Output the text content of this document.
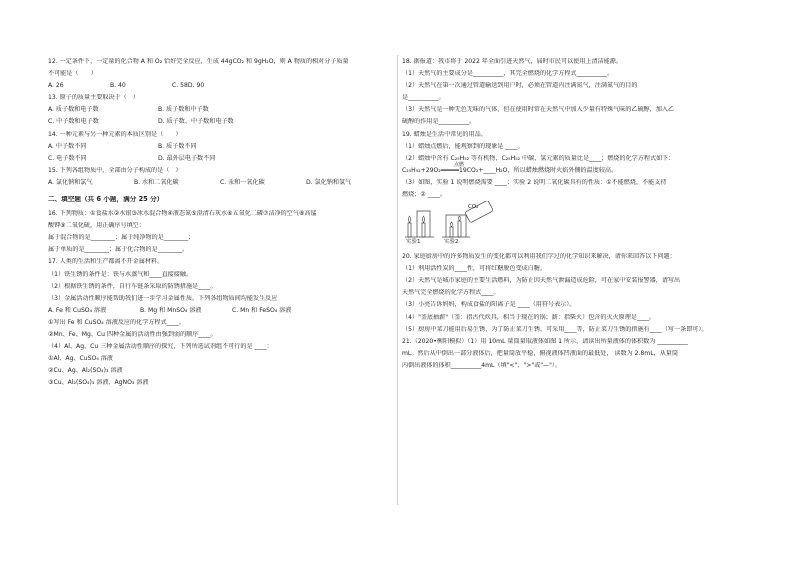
12. 一定条件下，一定量的化合物 A 和 O₂ 恰好完全反应，生成 44gCO₂ 和 9gH₂O，则 A 物质的相对分子质量
不可能是（　　）
A. 26	B. 40	C. 58D. 90
13. 原子的质量主要取决于（　）
A. 质子数和电子数	B. 质子数和中子数
C. 中子数和电子数	D. 质子数、中子数和电子数
14. 一种元素与另一种元素的本质区别是（　　）
A. 中子数不同	B. 质子数不同
C. 电子数不同	D. 最外层电子数不同
15. 下列各组物质中，全部由分子构成的是（　）
A. 氯化钠和氯气	B. 水和二氧化碳	C. 汞和一氧化碳	D. 氯化钠和氢气
二、填空题（共 6 小题，满分 25 分）
16. 下列物质：①食盐水②水银③冰水混合物④液态氮⑤澄清石灰水⑥五氧化二磷⑦洁净的空气⑧高锰
酸钾⑨二氧化硫，用正确序号填空：
属于混合物的是________；属于纯净物的是________；
属于单质的是________；属于化合物的是________。
17. 人类的生活和生产都离不开金属材料。
（1）铁生锈的条件是：铁与水蒸气和____直接接触。
（2）根据铁生锈的条件，自行车链条采取的防锈措施是____。
（3）金属活动性顺序能帮助我们进一步学习金属性质。下列各组物质间均能发生反应
A. Fe 和 CuSO₄ 溶液	B. Mg 和 MnSO₄ 溶液	C. Mn 和 FeSO₄ 溶液
①写出 Fe 和 CuSO₄ 溶液反应的化学方程式____。
②Mn、Fe、Mg、Cu 四种金属的活动性由强到弱的顺序____。
（4）Al、Ag、Cu 三种金属活动性顺序的探究，下列所选试剂组不可行的是 ____：
①Al、Ag、CuSO₄ 溶液
②Cu、Ag、Al₂(SO₄)₃ 溶液
③Cu、Al₂(SO₄)₃ 溶液、AgNO₃ 溶液
18. 据报道：我市将于 2022 年全面引进天然气，届时市民可以使用上清洁能源。
（1）天然气的主要成分是__________，其完全燃烧的化学方程式__________。
（2）天然气在第一次通过管道输送到用户时，必须在管道内注满氮气，注满氮气的目的
是__________。
（3）天然气是一种无色无味的气体，但在使用时常在天然气中加入少量有特殊气味的乙硫醇，加入乙
硫醇的作用是__________。
19. 蜡烛是生活中常见的用品。
（1）蜡烛点燃后，能观察到的现象是 ____。
（2）蜡烛中含有 C₂₅H₅₂ 等有机物，C₂₅H₅₂ 中碳、氢元素的质量比是____；燃烧的化学方程式如下：
C₂₅H₅₂+29O₂═════19CO₂+____H₂O，所以蜡烛燃烧时火焰外侧的温度较高。
点燃
（3）如图，实验 1 说明燃烧需要 ____；实验 2 说明二氧化碳具有的性质：①不能燃烧，不能支持
燃烧；② ____。
CO₂
实验1	实验2
20. 家庭厨房中的许多物质发生的变化都可以利用我们学过的化学知识来解决，请你来回答以下问题：
（1）利用活性炭的____性，可将红糖脱色变成白糖。
（2）天然气是城市家庭的主要生活燃料，为防止因天然气泄漏造成危险，可在家中安装报警器，请写出
天然气完全燃烧的化学方程式____。
（3）小亮告诉妈妈，构成食盐的阳离子是 ____（用符号表示）。
（4）"釜底抽薪"（釜：指古代炊具，相当于现在的锅；薪：指柴火）包含的灭火原理是____。
（5）厨房中菜刀能用后易生锈，为了防止菜刀生锈，可采用____等，防止菜刀生锈的措施有____（写一条即可）。
21.（2020•衡阳模拟）（1）用 10mL 量筒量取液体如图 1 所示，请读出所量液体的体积数为 __________
mL。然后从中倒出一部分液体后，把量筒放平稳，俯视液体凹液面的最低处， 读数为 2.8mL，从量筒
内倒出液体的体积__________4mL（填"<"、">"或"—"）。
